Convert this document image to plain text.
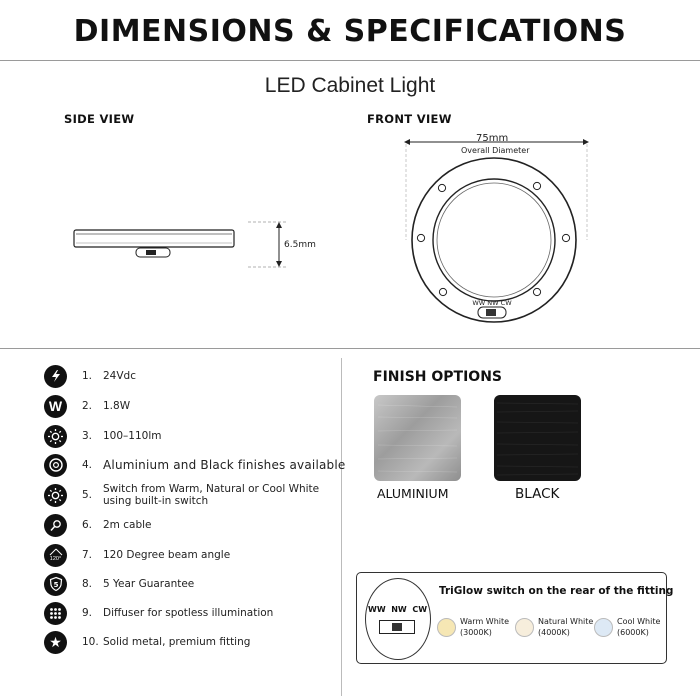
DIMENSIONS & SPECIFICATIONS
LED Cabinet Light
SIDE VIEW
6.5mm
FRONT VIEW
75mm
Overall Diameter
WW NW CW
1. 24Vdc
W 2. 1.8W
3. 100–110lm
4. Aluminium and Black finishes available
5. Switch from Warm, Natural or Cool White
using built-in switch
6. 2m cable
120° 7. 120 Degree beam angle
5 8. 5 Year Guarantee
9. Diffuser for spotless illumination
★ 10. Solid metal, premium fitting
FINISH OPTIONS
ALUMINIUM	BLACK
WW NW CW
TriGlow switch on the rear of the fitting
Warm White
(3000K)
Natural White
(4000K)
Cool White
(6000K)
